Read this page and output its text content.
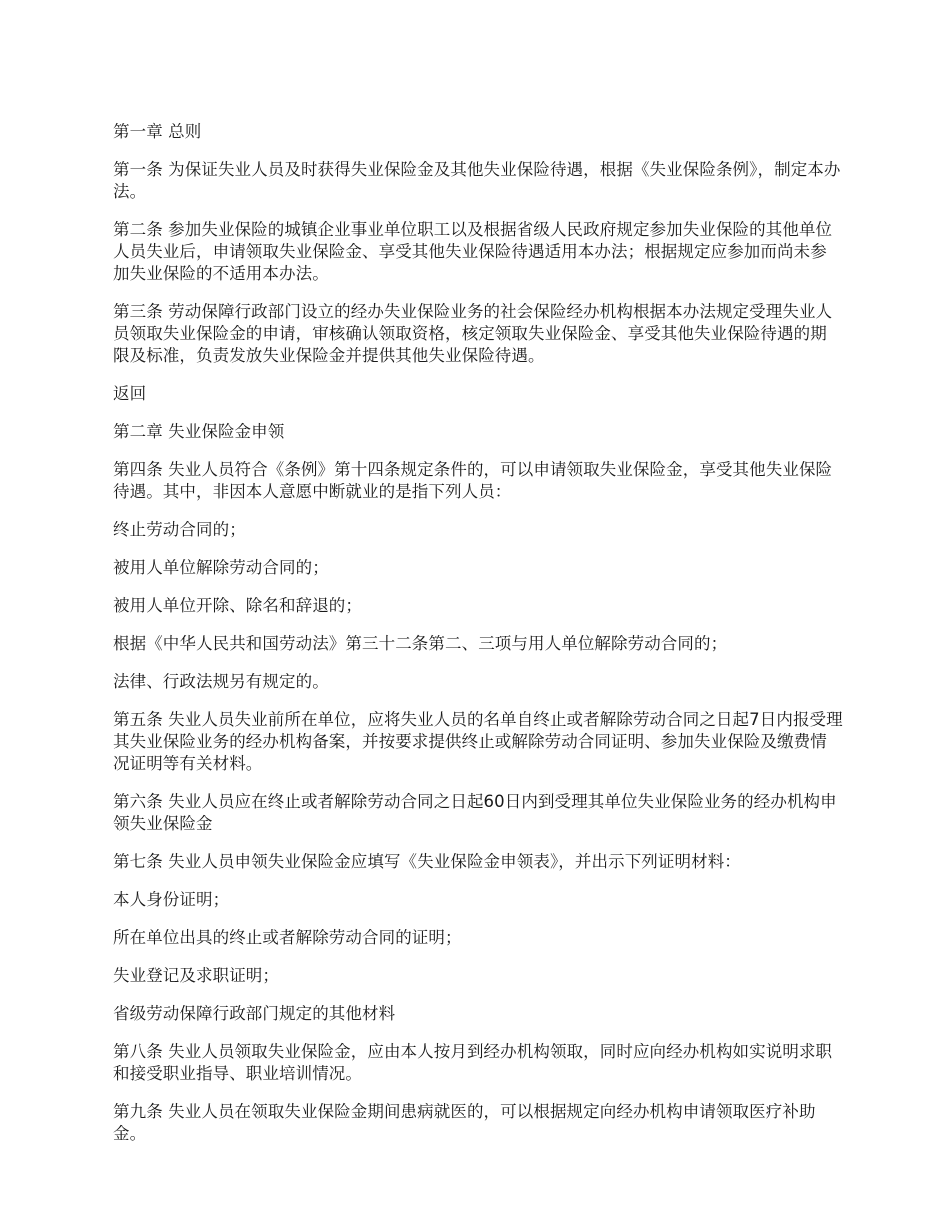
第一章 总则

第一条 为保证失业人员及时获得失业保险金及其他失业保险待遇，根据《失业保险条例》，制定本办法。

第二条 参加失业保险的城镇企业事业单位职工以及根据省级人民政府规定参加失业保险的其他单位人员失业后，申请领取失业保险金、享受其他失业保险待遇适用本办法；根据规定应参加而尚未参加失业保险的不适用本办法。

第三条 劳动保障行政部门设立的经办失业保险业务的社会保险经办机构根据本办法规定受理失业人员领取失业保险金的申请，审核确认领取资格，核定领取失业保险金、享受其他失业保险待遇的期限及标准，负责发放失业保险金并提供其他失业保险待遇。

返回

第二章 失业保险金申领

第四条 失业人员符合《条例》第十四条规定条件的，可以申请领取失业保险金，享受其他失业保险待遇。其中，非因本人意愿中断就业的是指下列人员：

终止劳动合同的；

被用人单位解除劳动合同的；

被用人单位开除、除名和辞退的；

根据《中华人民共和国劳动法》第三十二条第二、三项与用人单位解除劳动合同的；

法律、行政法规另有规定的。

第五条 失业人员失业前所在单位，应将失业人员的名单自终止或者解除劳动合同之日起7日内报受理其失业保险业务的经办机构备案，并按要求提供终止或解除劳动合同证明、参加失业保险及缴费情况证明等有关材料。

第六条 失业人员应在终止或者解除劳动合同之日起60日内到受理其单位失业保险业务的经办机构申领失业保险金

第七条 失业人员申领失业保险金应填写《失业保险金申领表》，并出示下列证明材料：

本人身份证明；

所在单位出具的终止或者解除劳动合同的证明；

失业登记及求职证明；

省级劳动保障行政部门规定的其他材料

第八条 失业人员领取失业保险金，应由本人按月到经办机构领取，同时应向经办机构如实说明求职和接受职业指导、职业培训情况。

第九条 失业人员在领取失业保险金期间患病就医的，可以根据规定向经办机构申请领取医疗补助金。
